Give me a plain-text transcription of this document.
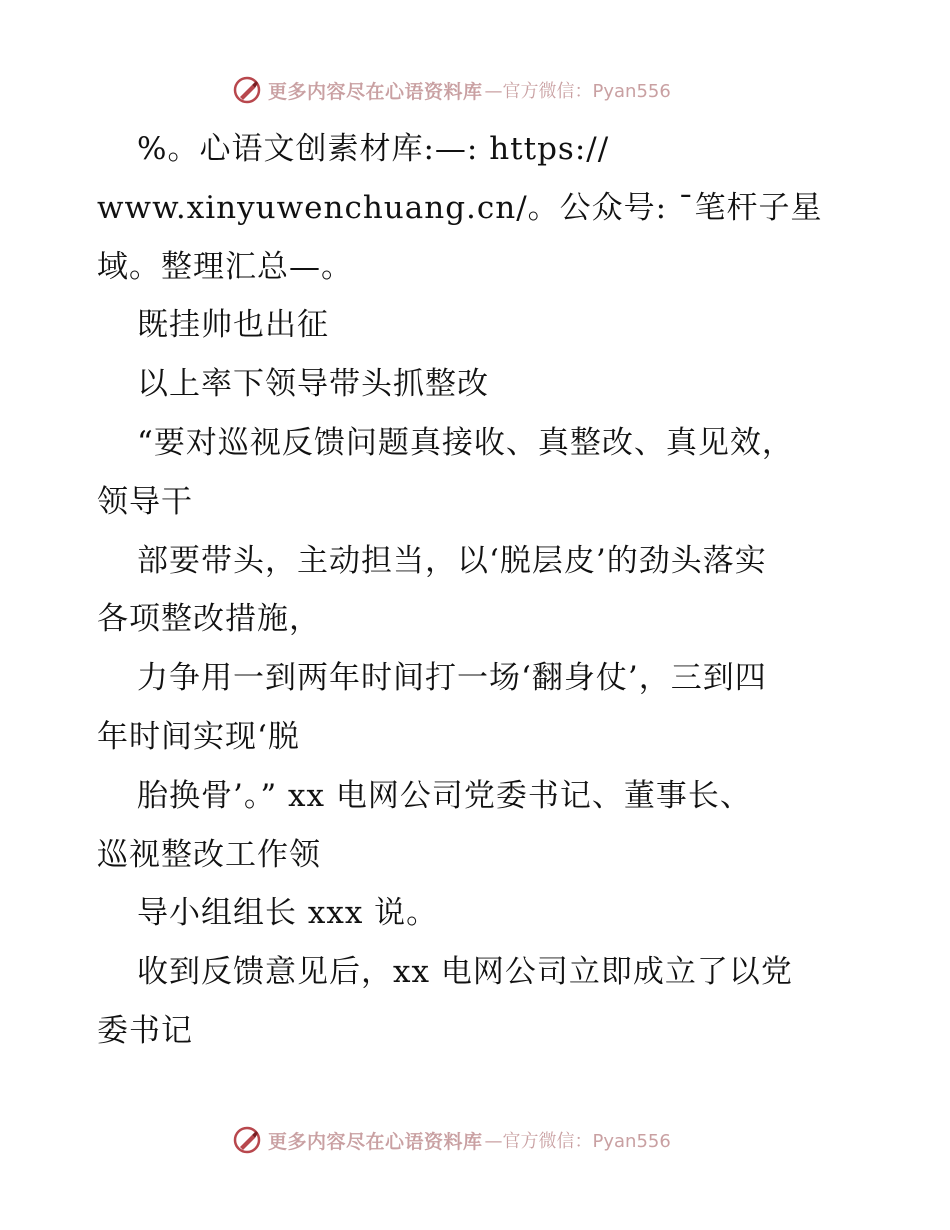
更多内容尽在心语资料库 —官方微信：Pyan556
%。心语文创素材库:—: https://
www.xinyuwenchuang.cn/。公众号: ¯笔杆子星
域。整理汇总—。
既挂帅也出征
以上率下领导带头抓整改
“要对巡视反馈问题真接收、真整改、真见效，
领导干
部要带头，主动担当，以‘脱层皮’的劲头落实
各项整改措施，
力争用一到两年时间打一场‘翻身仗’，三到四
年时间实现‘脱
胎换骨’。” xx 电网公司党委书记、董事长、
巡视整改工作领
导小组组长 xxx 说。
收到反馈意见后，xx 电网公司立即成立了以党
委书记
更多内容尽在心语资料库 —官方微信：Pyan556
